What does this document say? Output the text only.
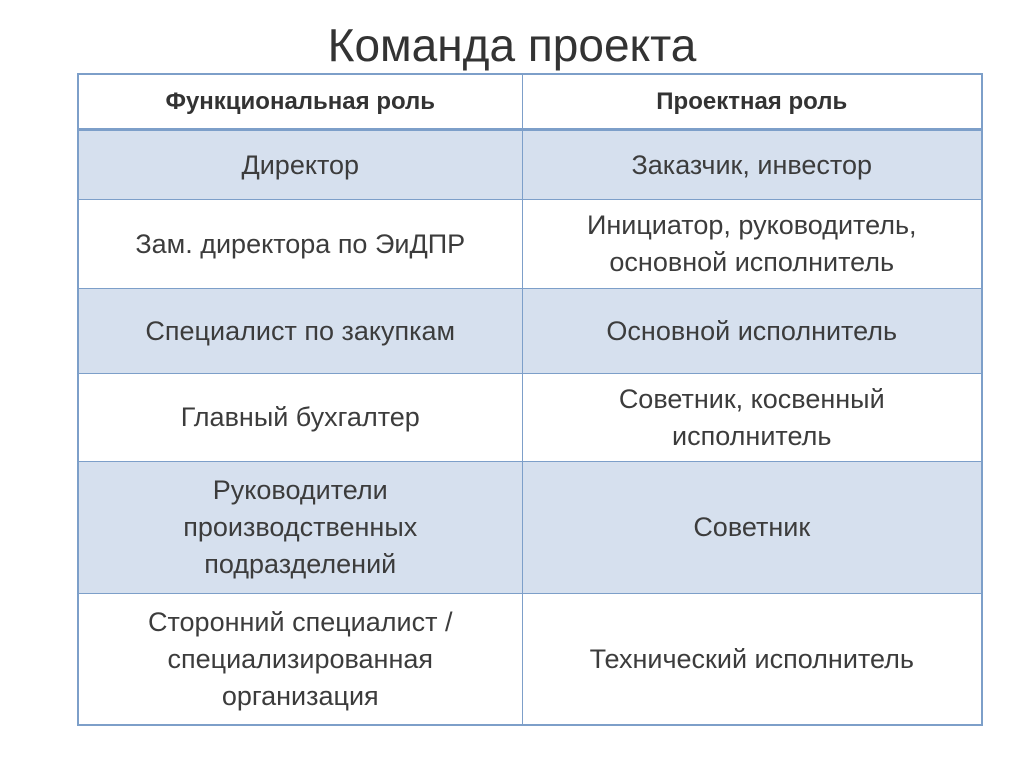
Команда проекта
Функциональная роль	Проектная роль

Директор	Заказчик, инвестор

Зам. директора по ЭиДПР	Инициатор, руководитель,
основной исполнитель

Специалист по закупкам	Основной исполнитель

Главный бухгалтер	Советник, косвенный
исполнитель

Руководители
производственных
подразделений	Советник

Сторонний специалист /
специализированная
организация	Технический исполнитель
